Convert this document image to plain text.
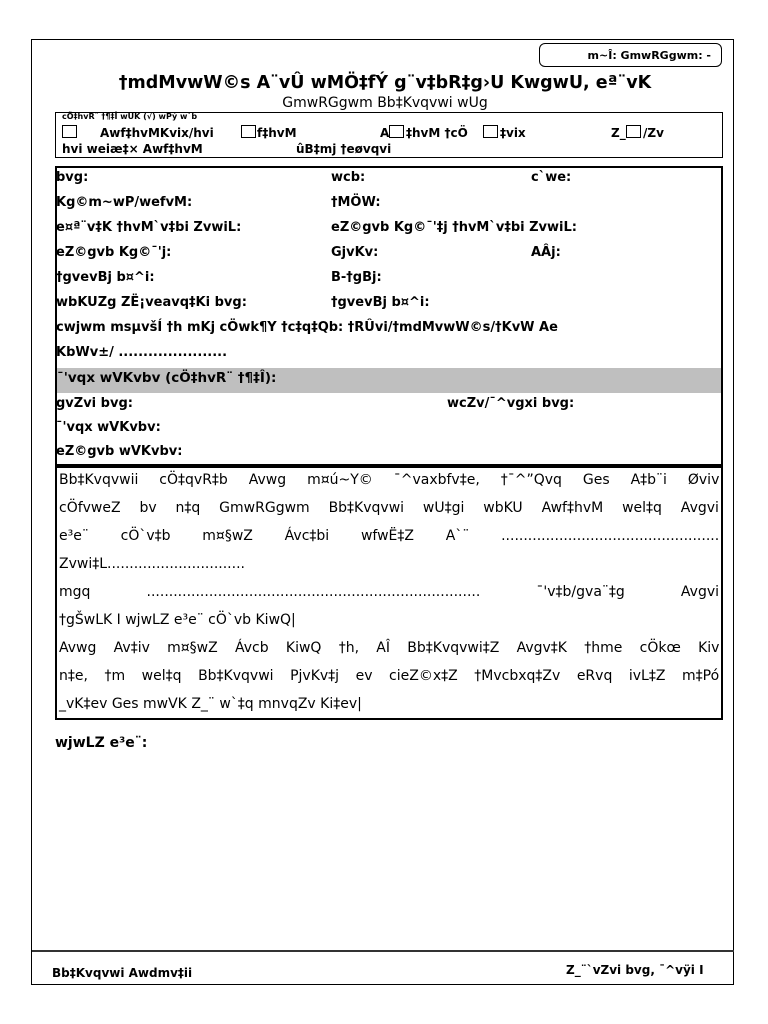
m~Î: GmwRGgwm: -
†mdMvwW©s A¨vÛ wMÖ‡fÝ g¨v‡bR‡g›U KwgwU, eª¨vK
GmwRGgwm Bb‡Kvqvwi wUg
cÖ‡hvR¨ †¶‡Î wUK (√) wPý w`b
Awf‡hvMKvix/hvi	f‡hvM	A ‡hvM †cÖ	‡vix	Z_ /Zv
hvi weiæ‡× Awf‡hvM	ûB‡mj †eøvqvi
bvg:	wcb:	c`we:
Kg©m~wP/wefvM:	†MÖW:
e¤ª¨v‡K †hvM`v‡bi ZvwiL:	eZ©gvb Kg©¯'‡j †hvM`v‡bi ZvwiL:
eZ©gvb Kg©¯'j:	GjvKv:	AÂj:
†gvevBj b¤^i:	B-†gBj:
wbKUZg ZË¡veavq‡Ki bvg:	†gvevBj b¤^i:
cwjwm msµvšÍ †h mKj cÖwk¶Y †c‡q‡Qb: †RÛvi/†mdMvwW©s/†KvW Ae
KbWv±/ ......................
¯'vqx wVKvbv (cÖ‡hvR¨ †¶‡Î):
gvZvi bvg:	wcZv/¯^vgxi bvg:
¯'vqx wVKvbv:
eZ©gvb wVKvbv:
Bb‡Kvqvwii cÖ‡qvR‡b Avwg m¤ú~Y© ¯^vaxbfv‡e, †¯^”Qvq Ges A‡b¨i Øviv
cÖfvweZ bv n‡q GmwRGgwm Bb‡Kvqvwi wU‡gi wbKU Awf‡hvM wel‡q Avgvi
e³e¨ cÖ`v‡b m¤§wZ Ávc‡bi wfwË‡Z A`¨ .................................................
Zvwi‡L...............................
mgq ........................................................................... ¯'v‡b/gva¨‡g Avgvi
†gŠwLK I wjwLZ e³e¨ cÖ`vb KiwQ|
Avwg Av‡iv m¤§wZ Ávcb KiwQ †h, AÎ Bb‡Kvqvwi‡Z Avgv‡K †hme cÖkœ Kiv
n‡e, †m wel‡q Bb‡Kvqvwi PjvKv‡j ev cieZ©x‡Z †Mvcbxq‡Zv eRvq ivL‡Z m‡Pó
_vK‡ev Ges mwVK Z_¨ w`‡q mnvqZv Ki‡ev|
wjwLZ e³e¨:
Bb‡Kvqvwi Awdmv‡ii	Z_¨`vZvi bvg, ¯^vÿi I
